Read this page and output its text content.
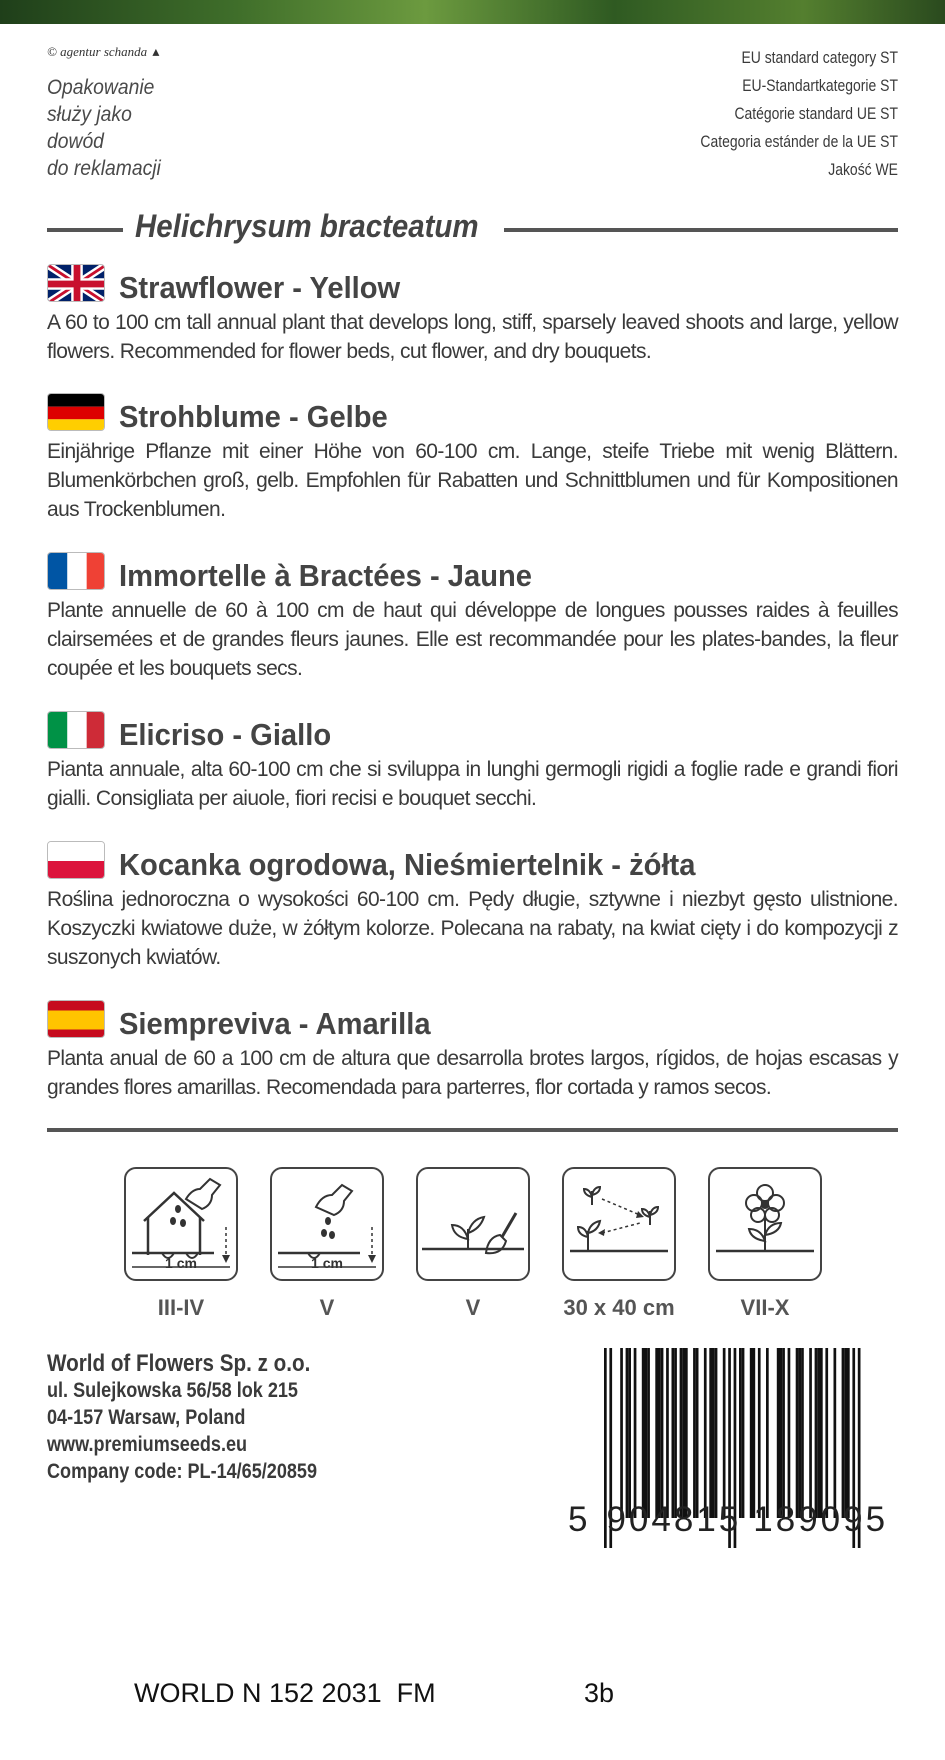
© agentur schanda ▴
Opakowanie
służy jako
dowód
do reklamacji
EU standard category ST
EU-Standartkategorie ST
Catégorie standard UE ST
Categoria estánder de la UE ST
Jakość WE
Helichrysum bracteatum
Strawflower - Yellow
A 60 to 100 cm tall annual plant that develops long, stiff, sparsely leaved shoots and large, yellow flowers. Recommended for flower beds, cut flower, and dry bouquets.
Strohblume - Gelbe
Einjährige Pflanze mit einer Höhe von 60-100 cm. Lange, steife Triebe mit wenig Blättern. Blumenkörbchen groß, gelb. Empfohlen für Rabatten und Schnittblumen und für Kompositionen aus Trockenblumen.
Immortelle à Bractées - Jaune
Plante annuelle de 60 à 100 cm de haut qui développe de longues pousses raides à feuilles clairsemées et de grandes fleurs jaunes. Elle est recommandée pour les plates-bandes, la fleur coupée et les bouquets secs.
Elicriso - Giallo
Pianta annuale, alta 60-100 cm che si sviluppa in lunghi germogli rigidi a foglie rade e grandi fiori gialli. Consigliata per aiuole, fiori recisi e bouquet secchi.
Kocanka ogrodowa, Nieśmiertelnik - żółta
Roślina jednoroczna o wysokości 60-100 cm. Pędy długie, sztywne i niezbyt gęsto ulistnione. Koszyczki kwiatowe duże, w żółtym kolorze. Polecana na rabaty, na kwiat cięty i do kompozycji z suszonych kwiatów.
Siempreviva - Amarilla
Planta anual de 60 a 100 cm de altura que desarrolla brotes largos, rígidos, de hojas escasas y grandes flores amarillas. Recomendada para parterres, flor cortada y ramos secos.
1 cm
III-IV
1 cm
V	V	30 x 40 cm	VII-X
World of Flowers Sp. z o.o.
ul. Sulejkowska 56/58 lok 215
04-157 Warsaw, Poland
www.premiumseeds.eu
Company code: PL-14/65/20859
5 904815 189095
WORLD N 152 2031  FM	3b
